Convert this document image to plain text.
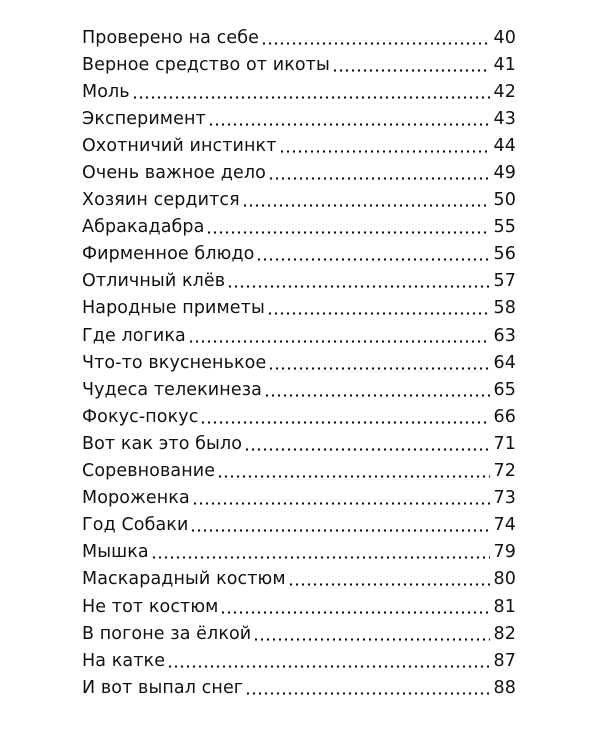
Проверено на себе	40
Верное средство от икоты	41
Моль	42
Эксперимент	43
Охотничий инстинкт	44
Очень важное дело	49
Хозяин сердится	50
Абракадабра	55
Фирменное блюдо	56
Отличный клёв	57
Народные приметы	58
Где логика	63
Что-то вкусненькое	64
Чудеса телекинеза	65
Фокус-покус	66
Вот как это было	71
Соревнование	72
Мороженка	73
Год Собаки	74
Мышка	79
Маскарадный костюм	80
Не тот костюм	81
В погоне за ёлкой	82
На катке	87
И вот выпал снег	88
